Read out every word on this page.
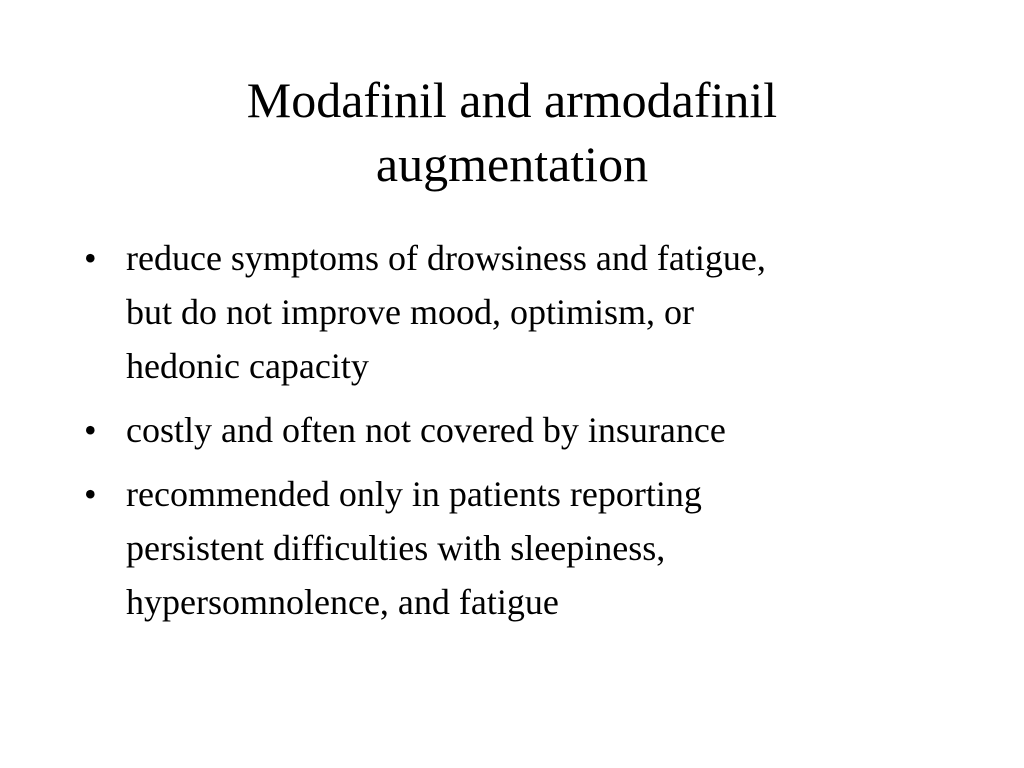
Modafinil and armodafinil
augmentation
• reduce symptoms of drowsiness and fatigue,
but do not improve mood, optimism, or
hedonic capacity
• costly and often not covered by insurance
• recommended only in patients reporting
persistent difficulties with sleepiness,
hypersomnolence, and fatigue
